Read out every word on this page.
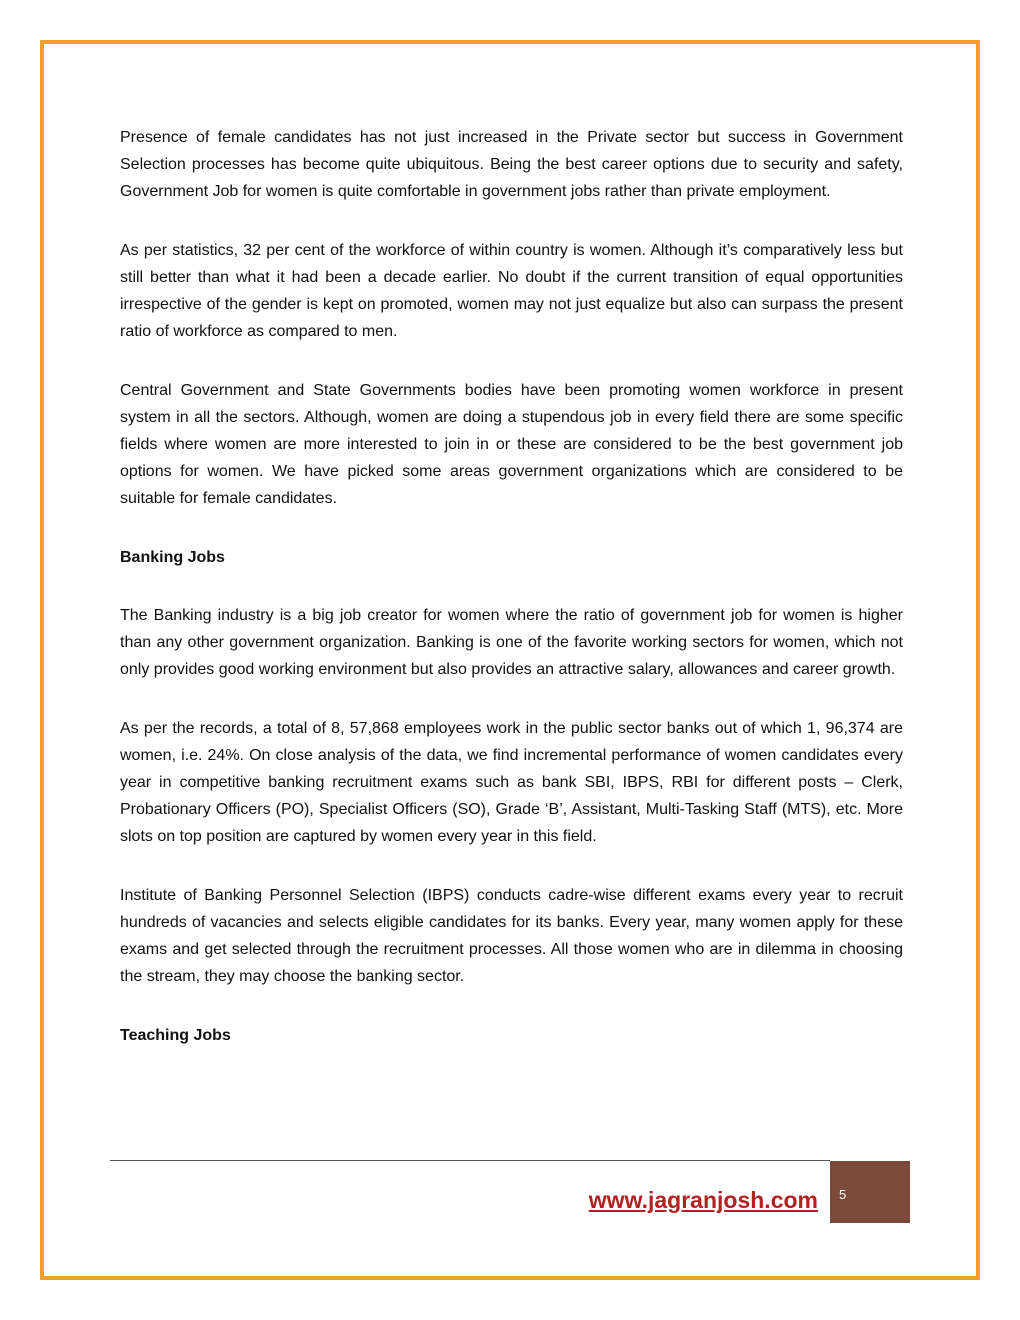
Presence of female candidates has not just increased in the Private sector but success in Government Selection processes has become quite ubiquitous. Being the best career options due to security and safety, Government Job for women is quite comfortable in government jobs rather than private employment.

As per statistics, 32 per cent of the workforce of within country is women. Although it’s comparatively less but still better than what it had been a decade earlier. No doubt if the current transition of equal opportunities irrespective of the gender is kept on promoted, women may not just equalize but also can surpass the present ratio of workforce as compared to men.

Central Government and State Governments bodies have been promoting women workforce in present system in all the sectors. Although, women are doing a stupendous job in every field there are some specific fields where women are more interested to join in or these are considered to be the best government job options for women. We have picked some areas government organizations which are considered to be suitable for female candidates.

Banking Jobs

The Banking industry is a big job creator for women where the ratio of government job for women is higher than any other government organization. Banking is one of the favorite working sectors for women, which not only provides good working environment but also provides an attractive salary, allowances and career growth.

As per the records, a total of 8, 57,868 employees work in the public sector banks out of which 1, 96,374 are women, i.e. 24%. On close analysis of the data, we find incremental performance of women candidates every year in competitive banking recruitment exams such as bank SBI, IBPS, RBI for different posts – Clerk, Probationary Officers (PO), Specialist Officers (SO), Grade ‘B’, Assistant, Multi-Tasking Staff (MTS), etc. More slots on top position are captured by women every year in this field.

Institute of Banking Personnel Selection (IBPS) conducts cadre-wise different exams every year to recruit hundreds of vacancies and selects eligible candidates for its banks. Every year, many women apply for these exams and get selected through the recruitment processes. All those women who are in dilemma in choosing the stream, they may choose the banking sector.

Teaching Jobs
www.jagranjosh.com 5
